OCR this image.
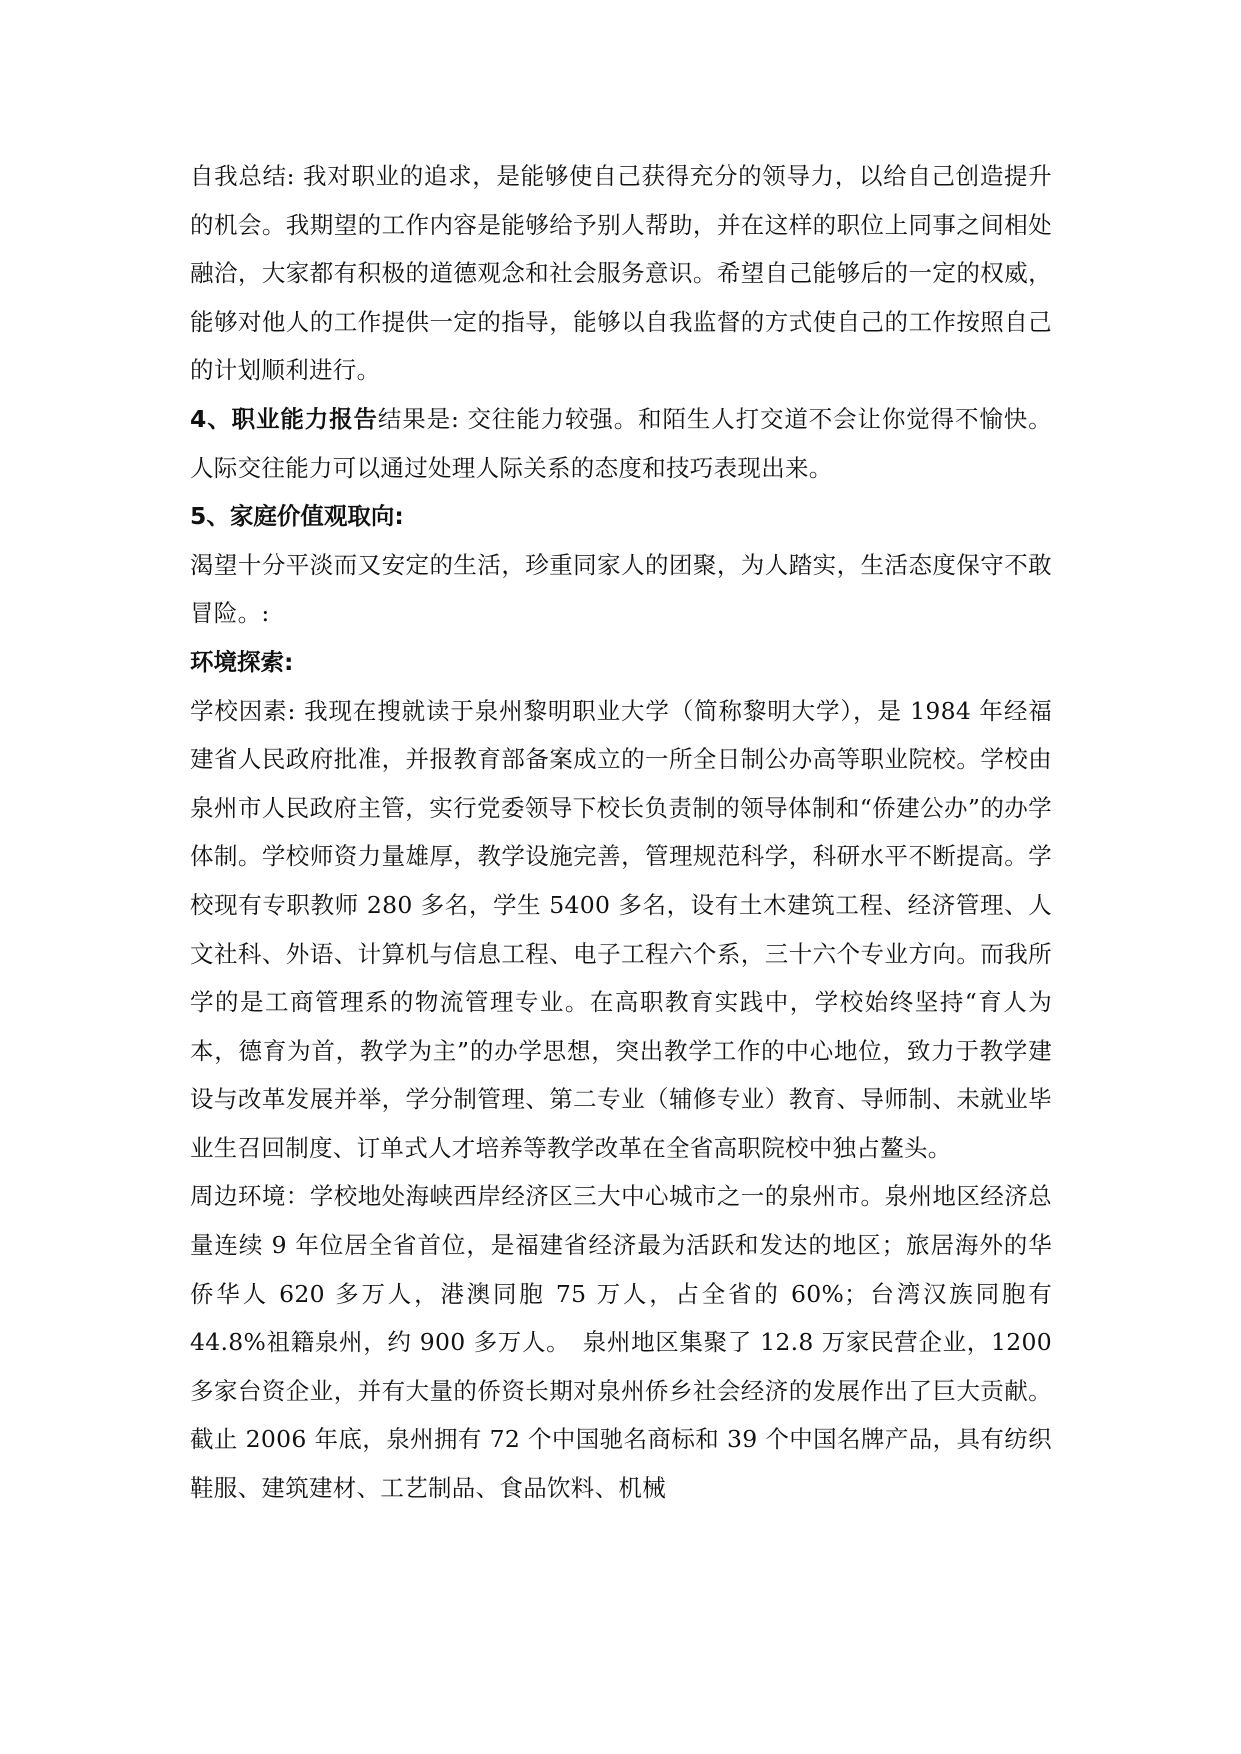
自我总结: 我对职业的追求，是能够使自己获得充分的领导力，以给自己创造提升的机会。我期望的工作内容是能够给予别人帮助，并在这样的职位上同事之间相处融洽，大家都有积极的道德观念和社会服务意识。希望自己能够后的一定的权威，能够对他人的工作提供一定的指导，能够以自我监督的方式使自己的工作按照自己的计划顺利进行。

4、职业能力报告结果是: 交往能力较强。和陌生人打交道不会让你觉得不愉快。人际交往能力可以通过处理人际关系的态度和技巧表现出来。

5、家庭价值观取向:

渴望十分平淡而又安定的生活，珍重同家人的团聚，为人踏实，生活态度保守不敢冒险。:

环境探索:

学校因素: 我现在搜就读于泉州黎明职业大学（简称黎明大学），是 1984 年经福建省人民政府批准，并报教育部备案成立的一所全日制公办高等职业院校。学校由泉州市人民政府主管，实行党委领导下校长负责制的领导体制和“侨建公办”的办学体制。学校师资力量雄厚，教学设施完善，管理规范科学，科研水平不断提高。学校现有专职教师 280 多名，学生 5400 多名，设有土木建筑工程、经济管理、人文社科、外语、计算机与信息工程、电子工程六个系，三十六个专业方向。而我所学的是工商管理系的物流管理专业。在高职教育实践中，学校始终坚持“育人为本，德育为首，教学为主”的办学思想，突出教学工作的中心地位，致力于教学建设与改革发展并举，学分制管理、第二专业（辅修专业）教育、导师制、未就业毕业生召回制度、订单式人才培养等教学改革在全省高职院校中独占鳌头。

周边环境：学校地处海峡西岸经济区三大中心城市之一的泉州市。泉州地区经济总量连续 9 年位居全省首位，是福建省经济最为活跃和发达的地区；旅居海外的华侨华人 620 多万人，港澳同胞 75 万人，占全省的 60%；台湾汉族同胞有 44.8%祖籍泉州，约 900 多万人。　泉州地区集聚了 12.8 万家民营企业，1200 多家台资企业，并有大量的侨资长期对泉州侨乡社会经济的发展作出了巨大贡献。截止 2006 年底，泉州拥有 72 个中国驰名商标和 39 个中国名牌产品，具有纺织鞋服、建筑建材、工艺制品、食品饮料、机械
